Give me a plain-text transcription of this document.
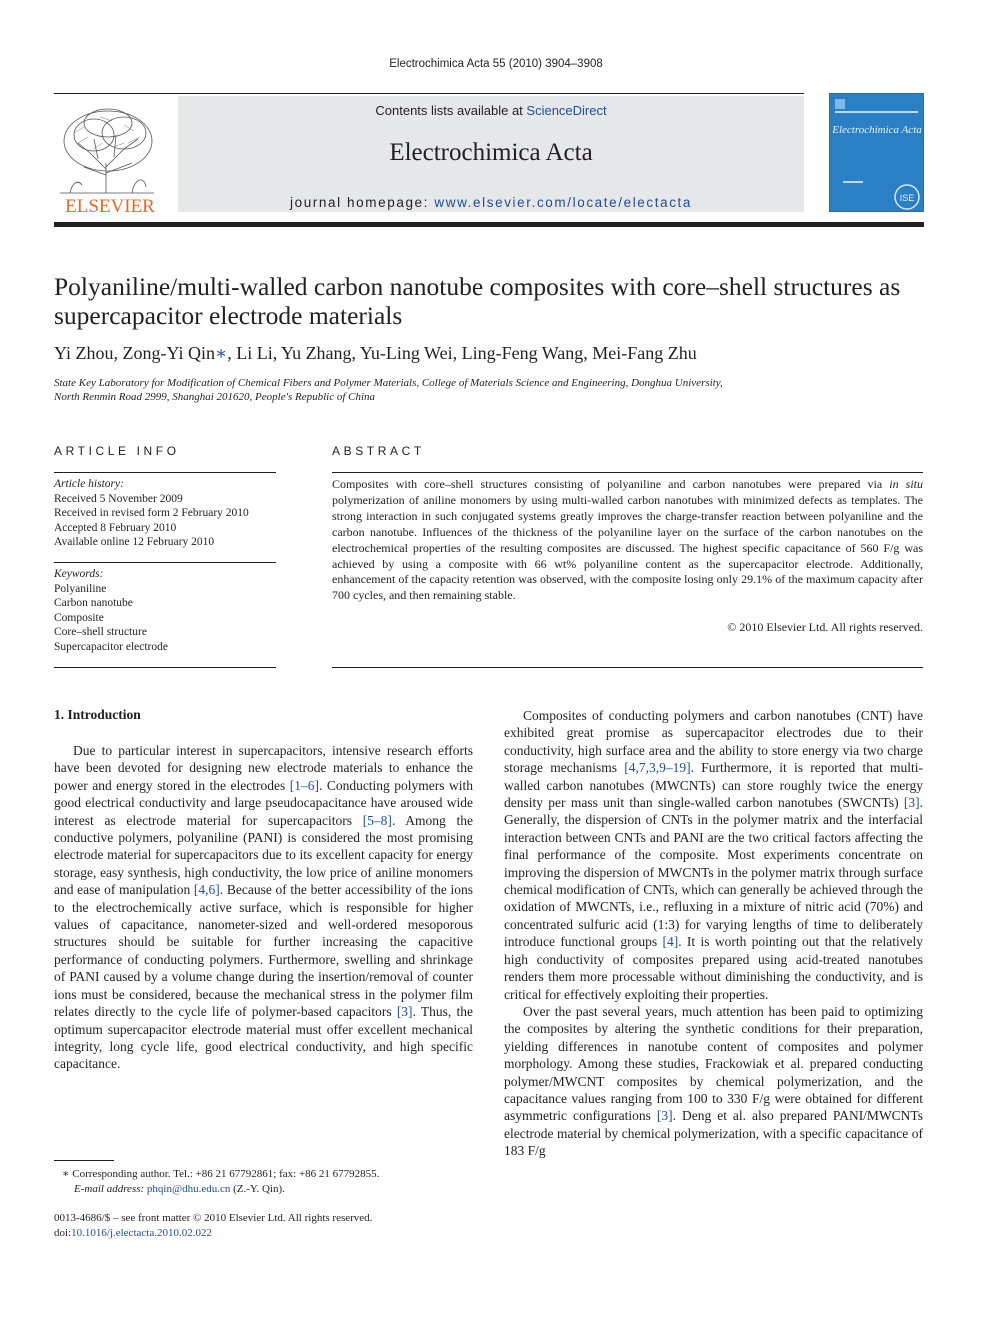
Electrochimica Acta 55 (2010) 3904–3908
ELSEVIER
Contents lists available at ScienceDirect
Electrochimica Acta
journal homepage: www.elsevier.com/locate/electacta
Electrochimica Acta
ISE
Polyaniline/multi-walled carbon nanotube composites with core–shell structures as supercapacitor electrode materials
Yi Zhou, Zong-Yi Qin∗, Li Li, Yu Zhang, Yu-Ling Wei, Ling-Feng Wang, Mei-Fang Zhu
State Key Laboratory for Modification of Chemical Fibers and Polymer Materials, College of Materials Science and Engineering, Donghua University,
North Renmin Road 2999, Shanghai 201620, People's Republic of China
ARTICLE INFO
Article history:
Received 5 November 2009
Received in revised form 2 February 2010
Accepted 8 February 2010
Available online 12 February 2010
Keywords:
Polyaniline
Carbon nanotube
Composite
Core–shell structure
Supercapacitor electrode
ABSTRACT
Composites with core–shell structures consisting of polyaniline and carbon nanotubes were prepared via in situ polymerization of aniline monomers by using multi-walled carbon nanotubes with minimized defects as templates. The strong interaction in such conjugated systems greatly improves the charge-transfer reaction between polyaniline and the carbon nanotube. Influences of the thickness of the polyaniline layer on the surface of the carbon nanotubes on the electrochemical properties of the resulting composites are discussed. The highest specific capacitance of 560 F/g was achieved by using a composite with 66 wt% polyaniline content as the supercapacitor electrode. Additionally, enhancement of the capacity retention was observed, with the composite losing only 29.1% of the maximum capacity after 700 cycles, and then remaining stable.
© 2010 Elsevier Ltd. All rights reserved.
1. Introduction

Due to particular interest in supercapacitors, intensive research efforts have been devoted for designing new electrode materials to enhance the power and energy stored in the electrodes [1–6]. Conducting polymers with good electrical conductivity and large pseudocapacitance have aroused wide interest as electrode material for supercapacitors [5–8]. Among the conductive polymers, polyaniline (PANI) is considered the most promising electrode material for supercapacitors due to its excellent capacity for energy storage, easy synthesis, high conductivity, the low price of aniline monomers and ease of manipulation [4,6]. Because of the better accessibility of the ions to the electrochemically active surface, which is responsible for higher values of capacitance, nanometer-sized and well-ordered mesoporous structures should be suitable for further increasing the capacitive performance of conducting polymers. Furthermore, swelling and shrinkage of PANI caused by a volume change during the insertion/removal of counter ions must be considered, because the mechanical stress in the polymer film relates directly to the cycle life of polymer-based capacitors [3]. Thus, the optimum supercapacitor electrode material must offer excellent mechanical integrity, long cycle life, good electrical conductivity, and high specific capacitance.

Composites of conducting polymers and carbon nanotubes (CNT) have exhibited great promise as supercapacitor electrodes due to their conductivity, high surface area and the ability to store energy via two charge storage mechanisms [4,7,3,9–19]. Furthermore, it is reported that multi-walled carbon nanotubes (MWCNTs) can store roughly twice the energy density per mass unit than single-walled carbon nanotubes (SWCNTs) [3]. Generally, the dispersion of CNTs in the polymer matrix and the interfacial interaction between CNTs and PANI are the two critical factors affecting the final performance of the composite. Most experiments concentrate on improving the dispersion of MWCNTs in the polymer matrix through surface chemical modification of CNTs, which can generally be achieved through the oxidation of MWCNTs, i.e., refluxing in a mixture of nitric acid (70%) and concentrated sulfuric acid (1:3) for varying lengths of time to deliberately introduce functional groups [4]. It is worth pointing out that the relatively high conductivity of composites prepared using acid-treated nanotubes renders them more processable without diminishing the conductivity, and is critical for effectively exploiting their properties.

Over the past several years, much attention has been paid to optimizing the composites by altering the synthetic conditions for their preparation, yielding differences in nanotube content of composites and polymer morphology. Among these studies, Frackowiak et al. prepared conducting polymer/MWCNT composites by chemical polymerization, and the capacitance values ranging from 100 to 330 F/g were obtained for different asymmetric configurations [3]. Deng et al. also prepared PANI/MWCNTs electrode material by chemical polymerization, with a specific capacitance of 183 F/g

∗ Corresponding author. Tel.: +86 21 67792861; fax: +86 21 67792855.
E-mail address: phqin@dhu.edu.cn (Z.-Y. Qin).
0013-4686/$ – see front matter © 2010 Elsevier Ltd. All rights reserved.
doi:10.1016/j.electacta.2010.02.022
